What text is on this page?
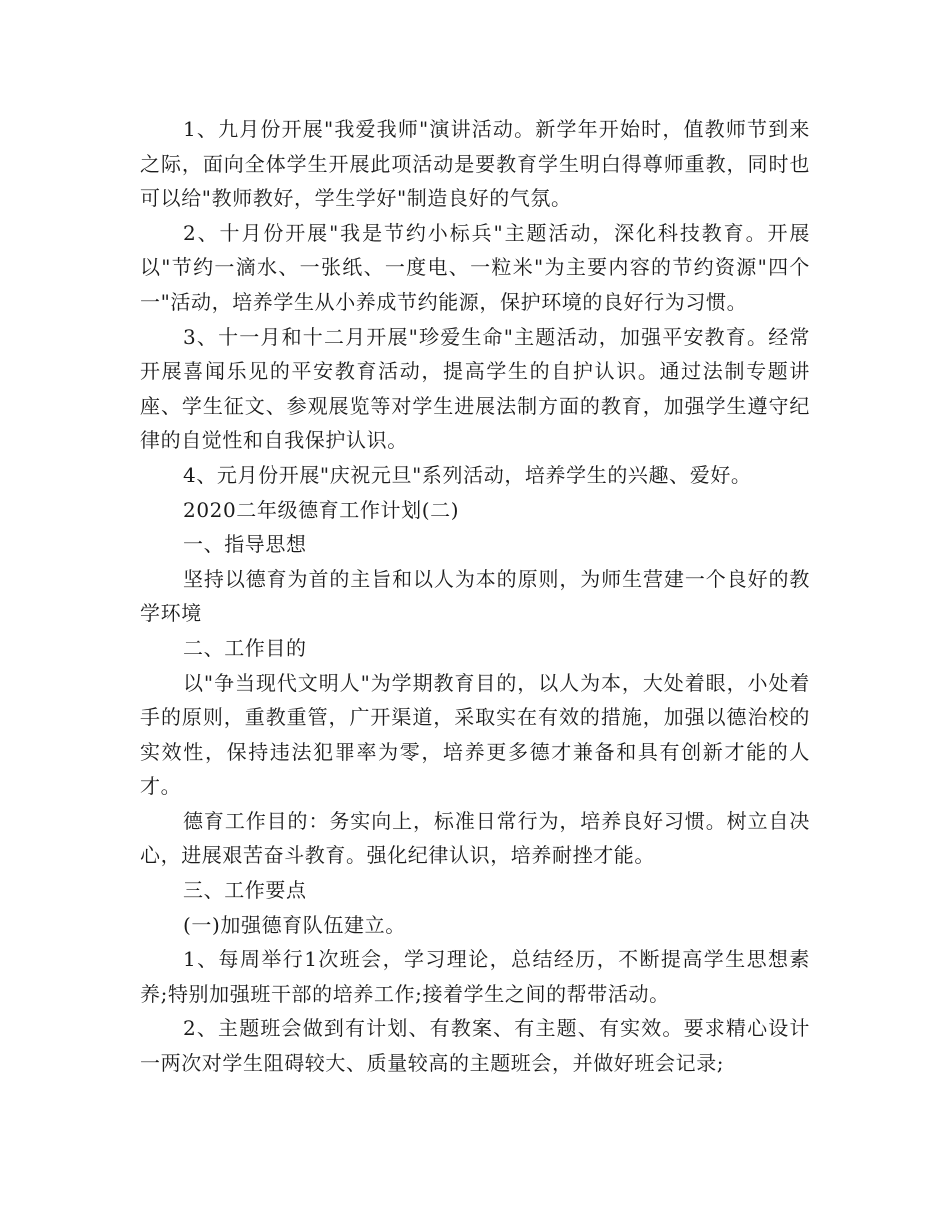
1、九月份开展"我爱我师"演讲活动。新学年开始时，值教师节到来之际，面向全体学生开展此项活动是要教育学生明白得尊师重教，同时也可以给"教师教好，学生学好"制造良好的气氛。

2、十月份开展"我是节约小标兵"主题活动，深化科技教育。开展以"节约一滴水、一张纸、一度电、一粒米"为主要内容的节约资源"四个一"活动，培养学生从小养成节约能源，保护环境的良好行为习惯。

3、十一月和十二月开展"珍爱生命"主题活动，加强平安教育。经常开展喜闻乐见的平安教育活动，提高学生的自护认识。通过法制专题讲座、学生征文、参观展览等对学生进展法制方面的教育，加强学生遵守纪律的自觉性和自我保护认识。

4、元月份开展"庆祝元旦"系列活动，培养学生的兴趣、爱好。

2020二年级德育工作计划(二)

一、指导思想

坚持以德育为首的主旨和以人为本的原则，为师生营建一个良好的教学环境

二、工作目的

以"争当现代文明人"为学期教育目的，以人为本，大处着眼，小处着手的原则，重教重管，广开渠道，采取实在有效的措施，加强以德治校的实效性，保持违法犯罪率为零，培养更多德才兼备和具有创新才能的人才。

德育工作目的：务实向上，标准日常行为，培养良好习惯。树立自决心，进展艰苦奋斗教育。强化纪律认识，培养耐挫才能。

三、工作要点

(一)加强德育队伍建立。

1、每周举行1次班会，学习理论，总结经历，不断提高学生思想素养;特别加强班干部的培养工作;接着学生之间的帮带活动。

2、主题班会做到有计划、有教案、有主题、有实效。要求精心设计一两次对学生阻碍较大、质量较高的主题班会，并做好班会记录;
